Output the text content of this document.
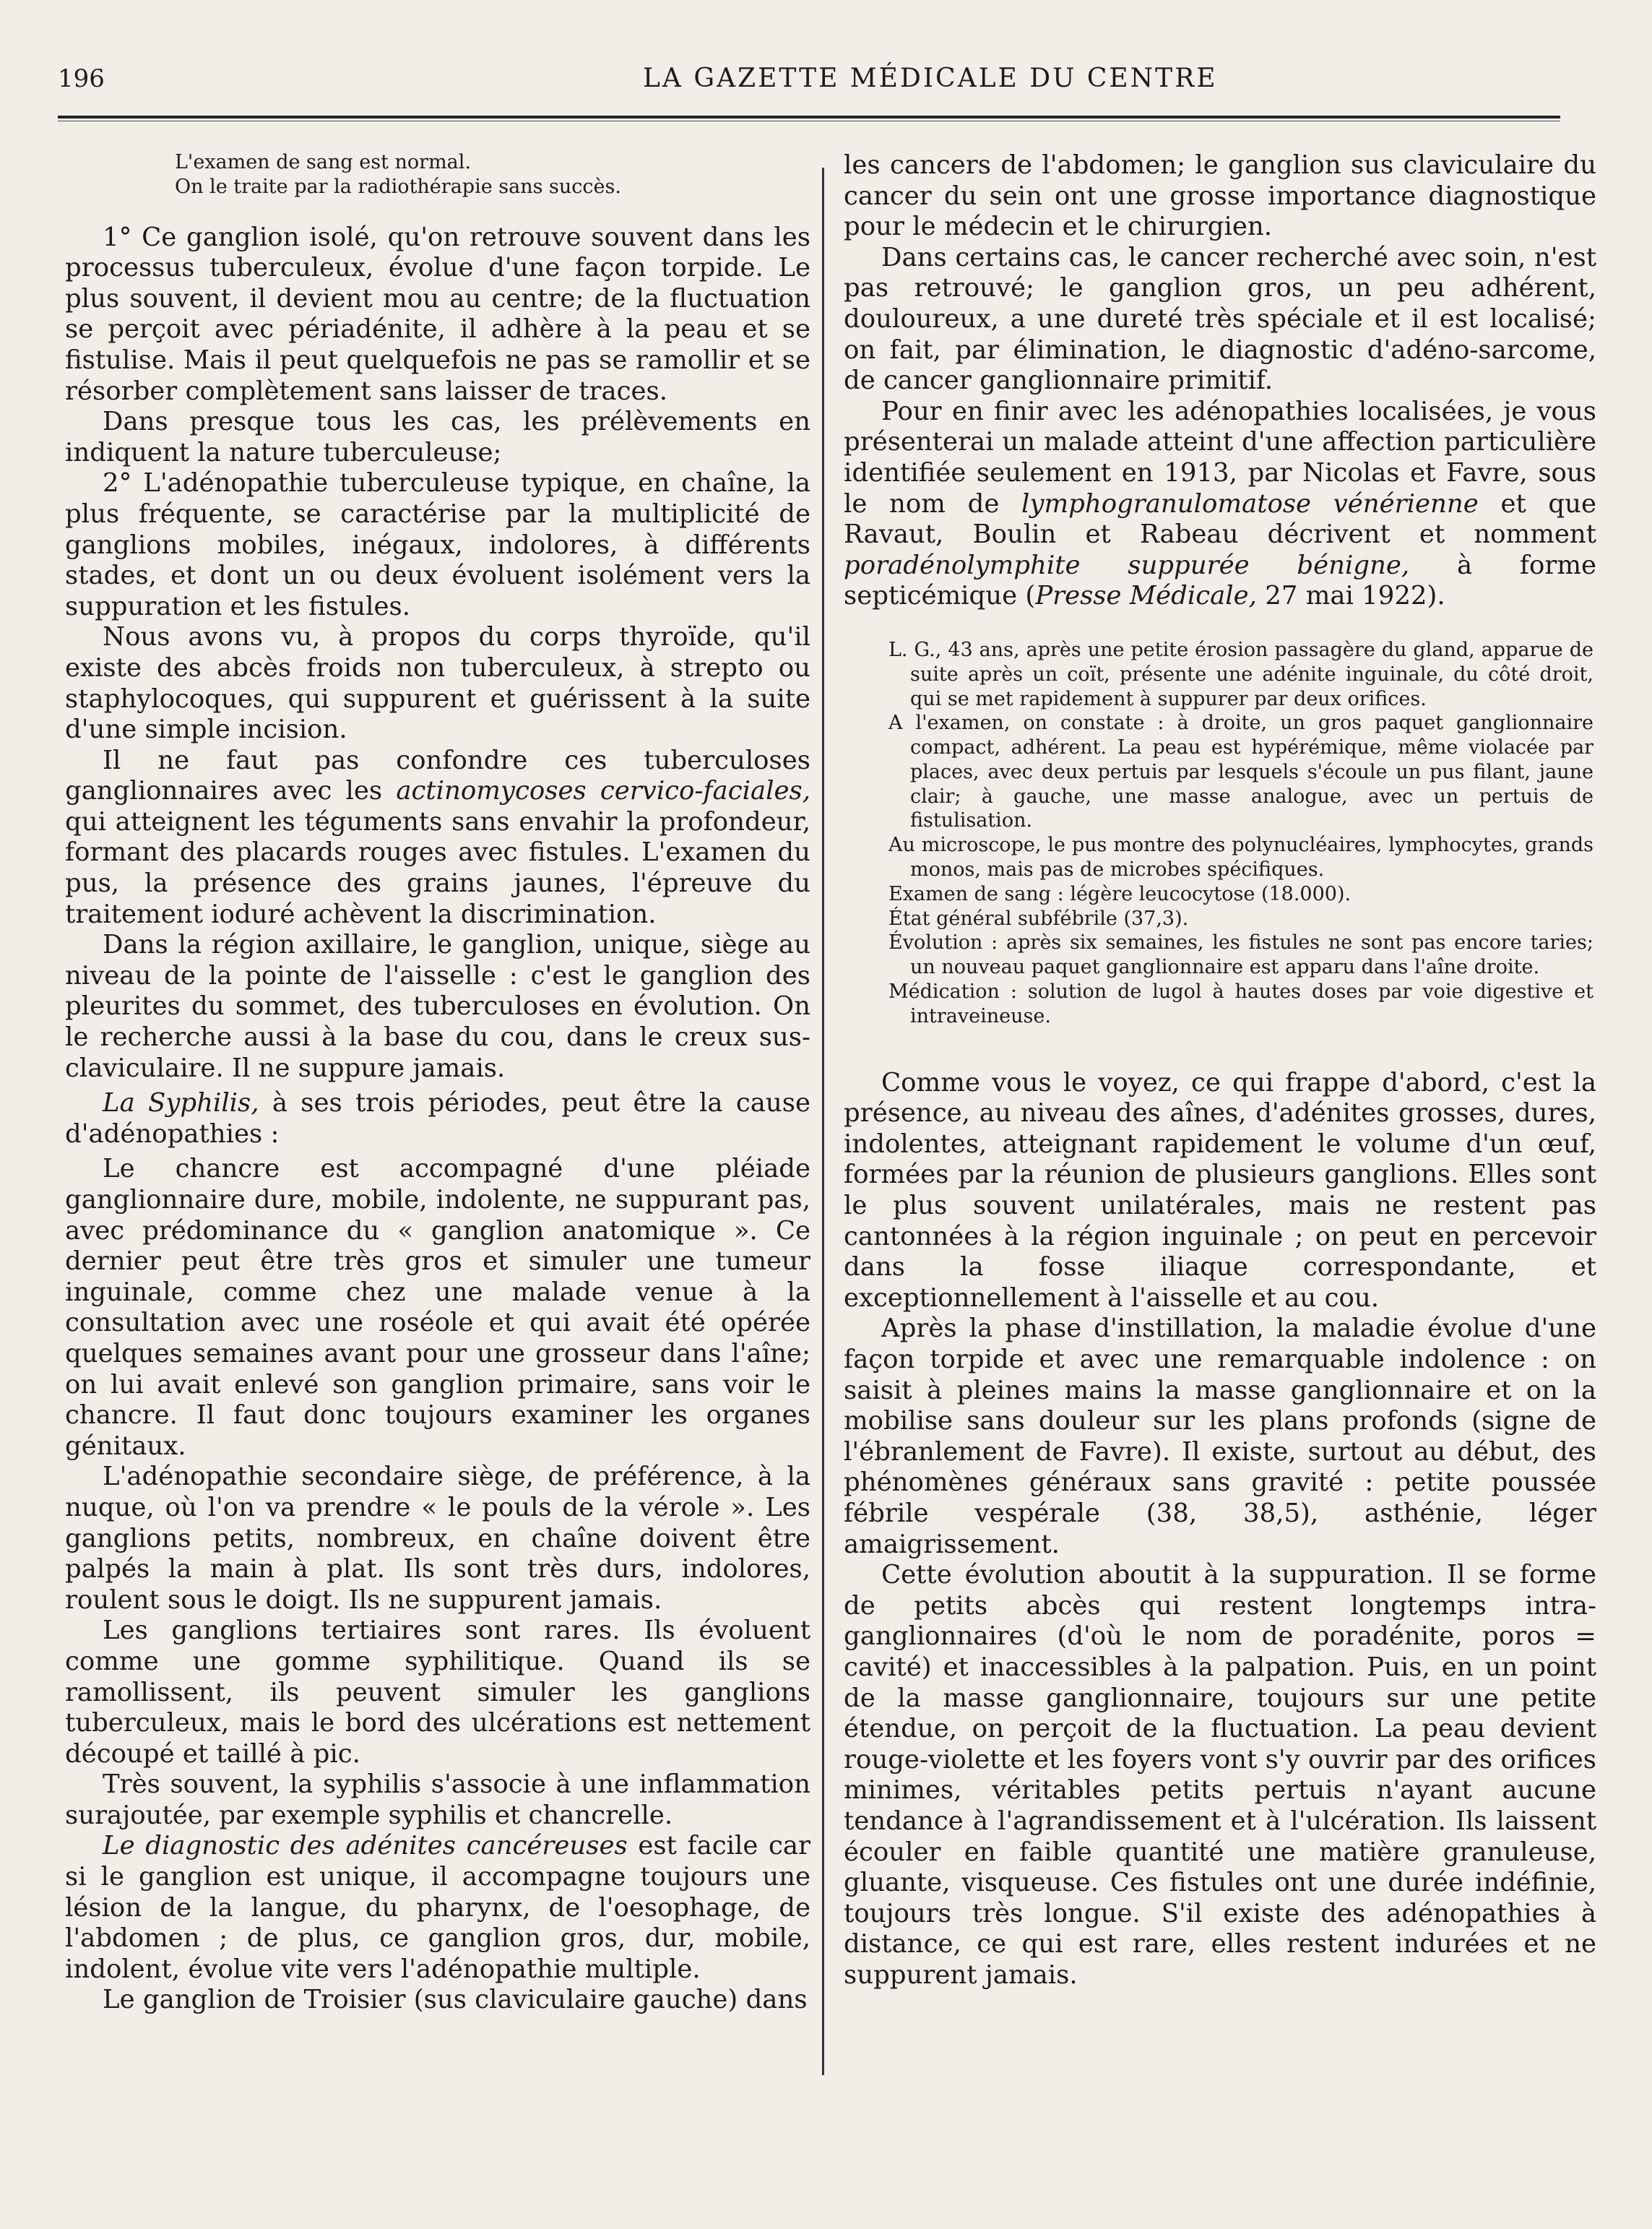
196	LA GAZETTE MÉDICALE DU CENTRE

L'examen de sang est normal.

On le traite par la radiothérapie sans succès.

1° Ce ganglion isolé, qu'on retrouve souvent dans les processus tuberculeux, évolue d'une façon torpide. Le plus souvent, il devient mou au centre; de la fluctuation se perçoit avec périadénite, il adhère à la peau et se fistulise. Mais il peut quelquefois ne pas se ramollir et se résorber complètement sans laisser de traces.

Dans presque tous les cas, les prélèvements en indiquent la nature tuberculeuse;

2° L'adénopathie tuberculeuse typique, en chaîne, la plus fréquente, se caractérise par la multiplicité de ganglions mobiles, inégaux, indolores, à différents stades, et dont un ou deux évoluent isolément vers la suppuration et les fistules.

Nous avons vu, à propos du corps thyroïde, qu'il existe des abcès froids non tuberculeux, à strepto ou staphylocoques, qui suppurent et guérissent à la suite d'une simple incision.

Il ne faut pas confondre ces tuberculoses ganglionnaires avec les actinomycoses cervico-faciales, qui atteignent les téguments sans envahir la profondeur, formant des placards rouges avec fistules. L'examen du pus, la présence des grains jaunes, l'épreuve du traitement ioduré achèvent la discrimination.

Dans la région axillaire, le ganglion, unique, siège au niveau de la pointe de l'aisselle : c'est le ganglion des pleurites du sommet, des tuberculoses en évolution. On le recherche aussi à la base du cou, dans le creux sus-claviculaire. Il ne suppure jamais.

La Syphilis, à ses trois périodes, peut être la cause d'adénopathies :

Le chancre est accompagné d'une pléiade ganglionnaire dure, mobile, indolente, ne suppurant pas, avec prédominance du « ganglion anatomique ». Ce dernier peut être très gros et simuler une tumeur inguinale, comme chez une malade venue à la consultation avec une roséole et qui avait été opérée quelques semaines avant pour une grosseur dans l'aîne; on lui avait enlevé son ganglion primaire, sans voir le chancre. Il faut donc toujours examiner les organes génitaux.

L'adénopathie secondaire siège, de préférence, à la nuque, où l'on va prendre « le pouls de la vérole ». Les ganglions petits, nombreux, en chaîne doivent être palpés la main à plat. Ils sont très durs, indolores, roulent sous le doigt. Ils ne suppurent jamais.

Les ganglions tertiaires sont rares. Ils évoluent comme une gomme syphilitique. Quand ils se ramollissent, ils peuvent simuler les ganglions tuberculeux, mais le bord des ulcérations est nettement découpé et taillé à pic.

Très souvent, la syphilis s'associe à une inflammation surajoutée, par exemple syphilis et chancrelle.

Le diagnostic des adénites cancéreuses est facile car si le ganglion est unique, il accompagne toujours une lésion de la langue, du pharynx, de l'oesophage, de l'abdomen ; de plus, ce ganglion gros, dur, mobile, indolent, évolue vite vers l'adénopathie multiple.

Le ganglion de Troisier (sus claviculaire gauche) dans

les cancers de l'abdomen; le ganglion sus claviculaire du cancer du sein ont une grosse importance diagnostique pour le médecin et le chirurgien.

Dans certains cas, le cancer recherché avec soin, n'est pas retrouvé; le ganglion gros, un peu adhérent, douloureux, a une dureté très spéciale et il est localisé; on fait, par élimination, le diagnostic d'adéno-sarcome, de cancer ganglionnaire primitif.

Pour en finir avec les adénopathies localisées, je vous présenterai un malade atteint d'une affection particulière identifiée seulement en 1913, par Nicolas et Favre, sous le nom de lymphogranulomatose vénérienne et que Ravaut, Boulin et Rabeau décrivent et nomment poradénolymphite suppurée bénigne, à forme septicémique (Presse Médicale, 27 mai 1922).

L. G., 43 ans, après une petite érosion passagère du gland, apparue de suite après un coït, présente une adénite inguinale, du côté droit, qui se met rapidement à suppurer par deux orifices.

A l'examen, on constate : à droite, un gros paquet ganglionnaire compact, adhérent. La peau est hypérémique, même violacée par places, avec deux pertuis par lesquels s'écoule un pus filant, jaune clair; à gauche, une masse analogue, avec un pertuis de fistulisation.

Au microscope, le pus montre des polynucléaires, lymphocytes, grands monos, mais pas de microbes spécifiques.

Examen de sang : légère leucocytose (18.000).

État général subfébrile (37,3).

Évolution : après six semaines, les fistules ne sont pas encore taries; un nouveau paquet ganglionnaire est apparu dans l'aîne droite.

Médication : solution de lugol à hautes doses par voie digestive et intraveineuse.

Comme vous le voyez, ce qui frappe d'abord, c'est la présence, au niveau des aînes, d'adénites grosses, dures, indolentes, atteignant rapidement le volume d'un œuf, formées par la réunion de plusieurs ganglions. Elles sont le plus souvent unilatérales, mais ne restent pas cantonnées à la région inguinale ; on peut en percevoir dans la fosse iliaque correspondante, et exceptionnellement à l'aisselle et au cou.

Après la phase d'instillation, la maladie évolue d'une façon torpide et avec une remarquable indolence : on saisit à pleines mains la masse ganglionnaire et on la mobilise sans douleur sur les plans profonds (signe de l'ébranlement de Favre). Il existe, surtout au début, des phénomènes généraux sans gravité : petite poussée fébrile vespérale (38, 38,5), asthénie, léger amaigrissement.

Cette évolution aboutit à la suppuration. Il se forme de petits abcès qui restent longtemps intra-ganglionnaires (d'où le nom de poradénite, poros = cavité) et inaccessibles à la palpation. Puis, en un point de la masse ganglionnaire, toujours sur une petite étendue, on perçoit de la fluctuation. La peau devient rouge-violette et les foyers vont s'y ouvrir par des orifices minimes, véritables petits pertuis n'ayant aucune tendance à l'agrandissement et à l'ulcération. Ils laissent écouler en faible quantité une matière granuleuse, gluante, visqueuse. Ces fistules ont une durée indéfinie, toujours très longue. S'il existe des adénopathies à distance, ce qui est rare, elles restent indurées et ne suppurent jamais.
